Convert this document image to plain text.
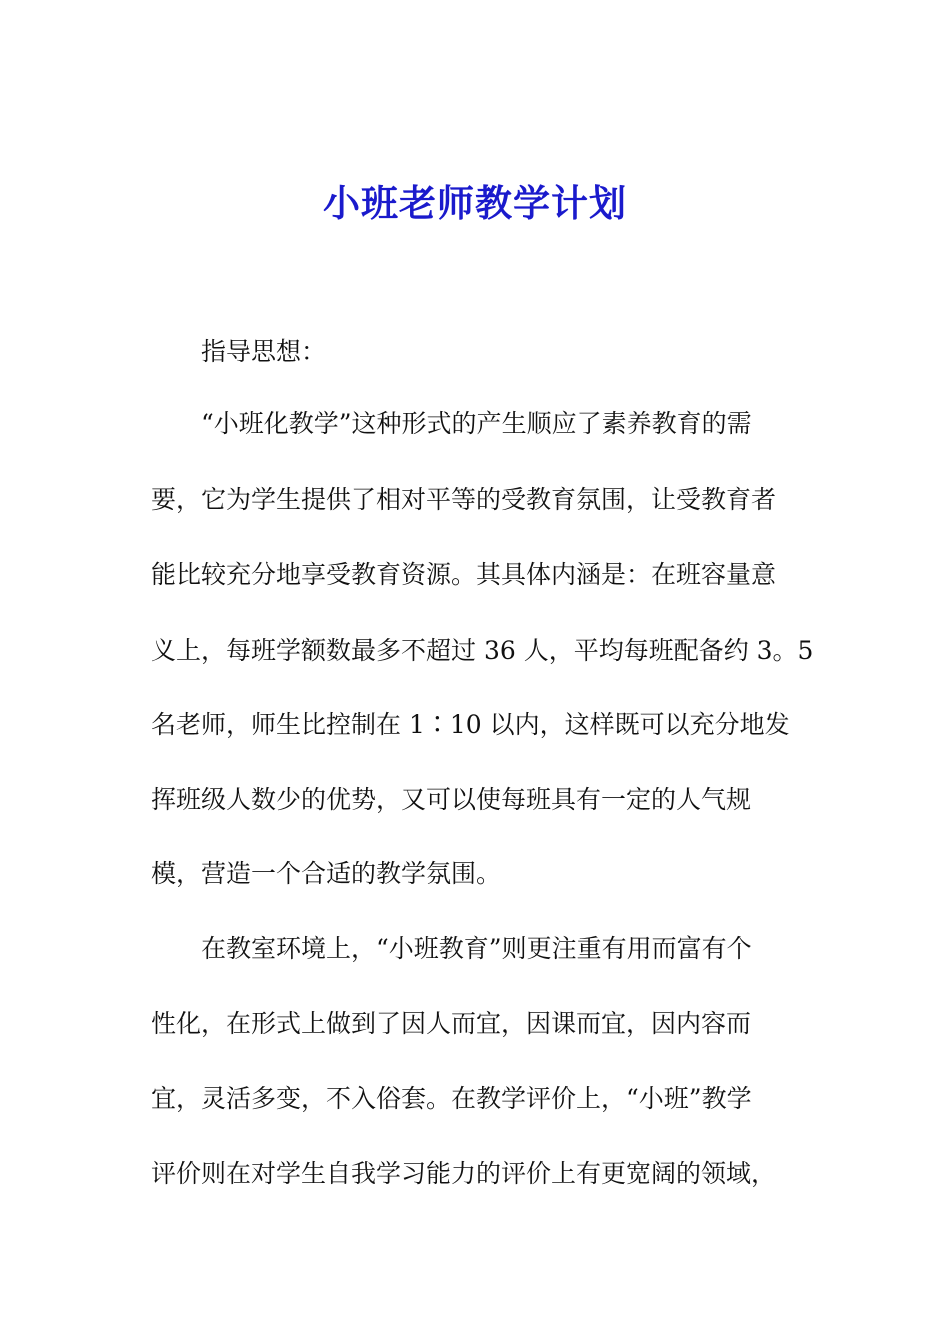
小班老师教学计划

指导思想：

“小班化教学”这种形式的产生顺应了素养教育的需

要，它为学生提供了相对平等的受教育氛围，让受教育者

能比较充分地享受教育资源。其具体内涵是：在班容量意

义上，每班学额数最多不超过 36 人，平均每班配备约 3。5

名老师，师生比控制在 1∶10 以内，这样既可以充分地发

挥班级人数少的优势，又可以使每班具有一定的人气规

模，营造一个合适的教学氛围。

在教室环境上，“小班教育”则更注重有用而富有个

性化，在形式上做到了因人而宜，因课而宜，因内容而

宜，灵活多变，不入俗套。在教学评价上，“小班”教学

评价则在对学生自我学习能力的评价上有更宽阔的领域，
